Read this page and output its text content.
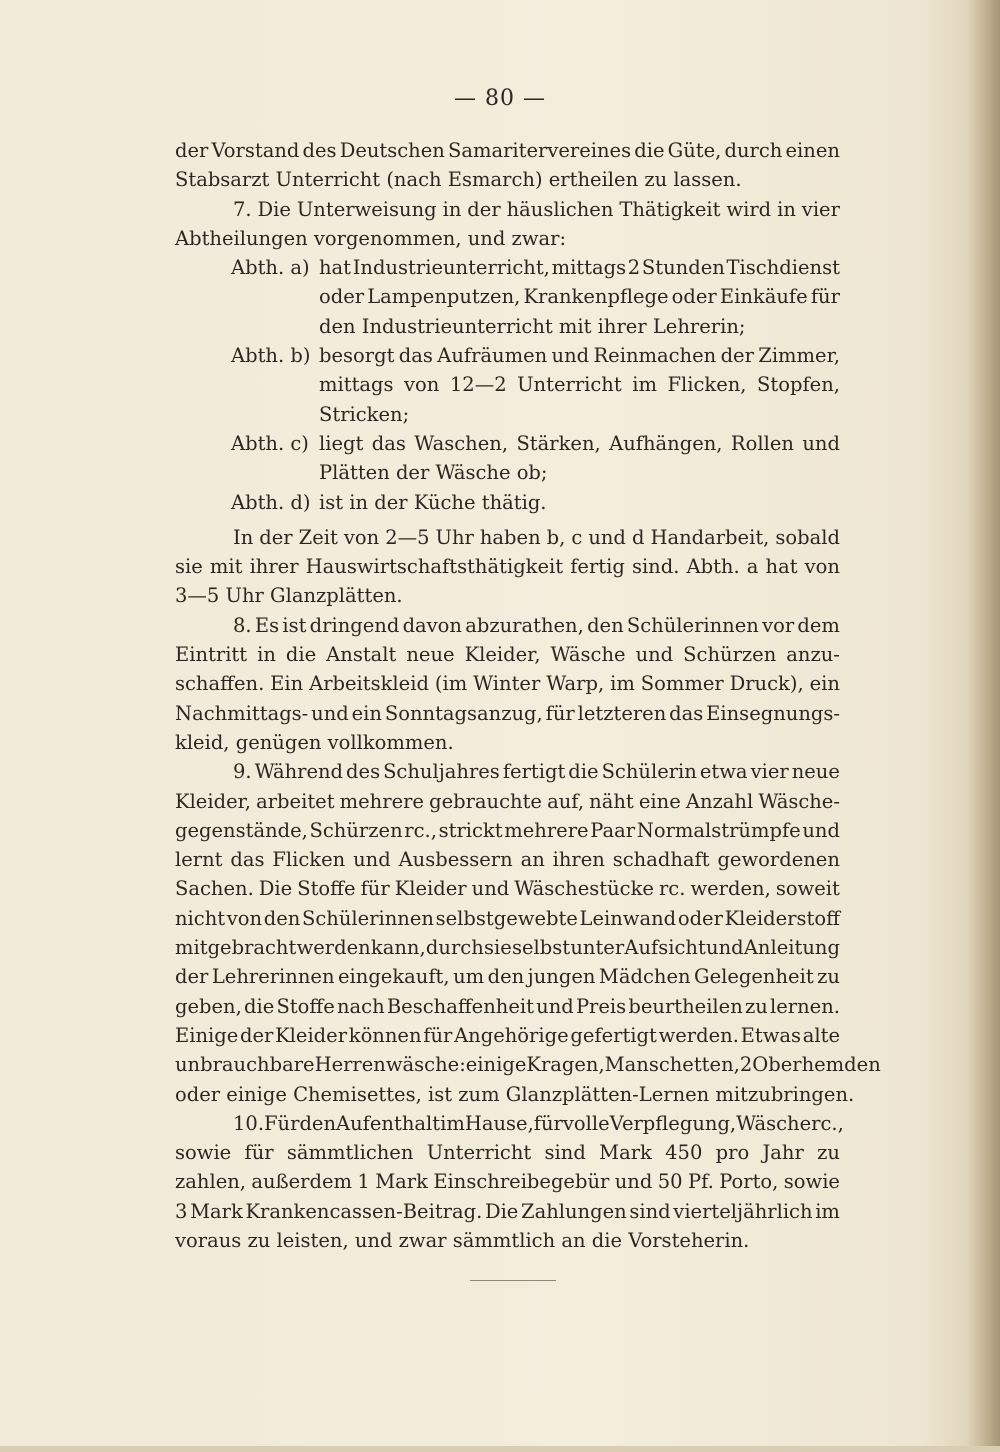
— 80 —
der Vorstand des Deutschen Samaritervereines die Güte, durch einen
Stabsarzt Unterricht (nach Esmarch) ertheilen zu lassen.
7. Die Unterweisung in der häuslichen Thätigkeit wird in vier
Abtheilungen vorgenommen, und zwar:
Abth. a) hat Industrieunterricht, mittags 2 Stunden Tischdienst
oder Lampenputzen, Krankenpflege oder Einkäufe für
den Industrieunterricht mit ihrer Lehrerin;
Abth. b) besorgt das Aufräumen und Reinmachen der Zimmer,
mittags von 12—2 Unterricht im Flicken, Stopfen,
Stricken;
Abth. c) liegt das Waschen, Stärken, Aufhängen, Rollen und
Plätten der Wäsche ob;
Abth. d) ist in der Küche thätig.
In der Zeit von 2—5 Uhr haben b, c und d Handarbeit, sobald
sie mit ihrer Hauswirtschaftsthätigkeit fertig sind. Abth. a hat von
3—5 Uhr Glanzplätten.
8. Es ist dringend davon abzurathen, den Schülerinnen vor dem
Eintritt in die Anstalt neue Kleider, Wäsche und Schürzen anzu-
schaffen. Ein Arbeitskleid (im Winter Warp, im Sommer Druck), ein
Nachmittags- und ein Sonntagsanzug, für letzteren das Einsegnungs-
kleid, genügen vollkommen.
9. Während des Schuljahres fertigt die Schülerin etwa vier neue
Kleider, arbeitet mehrere gebrauchte auf, näht eine Anzahl Wäsche-
gegenstände, Schürzen rc., strickt mehrere Paar Normalstrümpfe und
lernt das Flicken und Ausbessern an ihren schadhaft gewordenen
Sachen. Die Stoffe für Kleider und Wäschestücke rc. werden, soweit
nicht von den Schülerinnen selbstgewebte Leinwand oder Kleiderstoff
mitgebracht werden kann, durch sie selbst unter Aufsicht und Anleitung
der Lehrerinnen eingekauft, um den jungen Mädchen Gelegenheit zu
geben, die Stoffe nach Beschaffenheit und Preis beurtheilen zu lernen.
Einige der Kleider können für Angehörige gefertigt werden. Etwas alte
unbrauchbare Herrenwäsche: einige Kragen, Manschetten, 2 Oberhemden
oder einige Chemisettes, ist zum Glanzplätten-Lernen mitzubringen.
10. Für den Aufenthalt im Hause, für volle Verpflegung, Wäsche rc.,
sowie für sämmtlichen Unterricht sind Mark 450 pro Jahr zu
zahlen, außerdem 1 Mark Einschreibegebür und 50 Pf. Porto, sowie
3 Mark Krankencassen-Beitrag. Die Zahlungen sind vierteljährlich im
voraus zu leisten, und zwar sämmtlich an die Vorsteherin.
